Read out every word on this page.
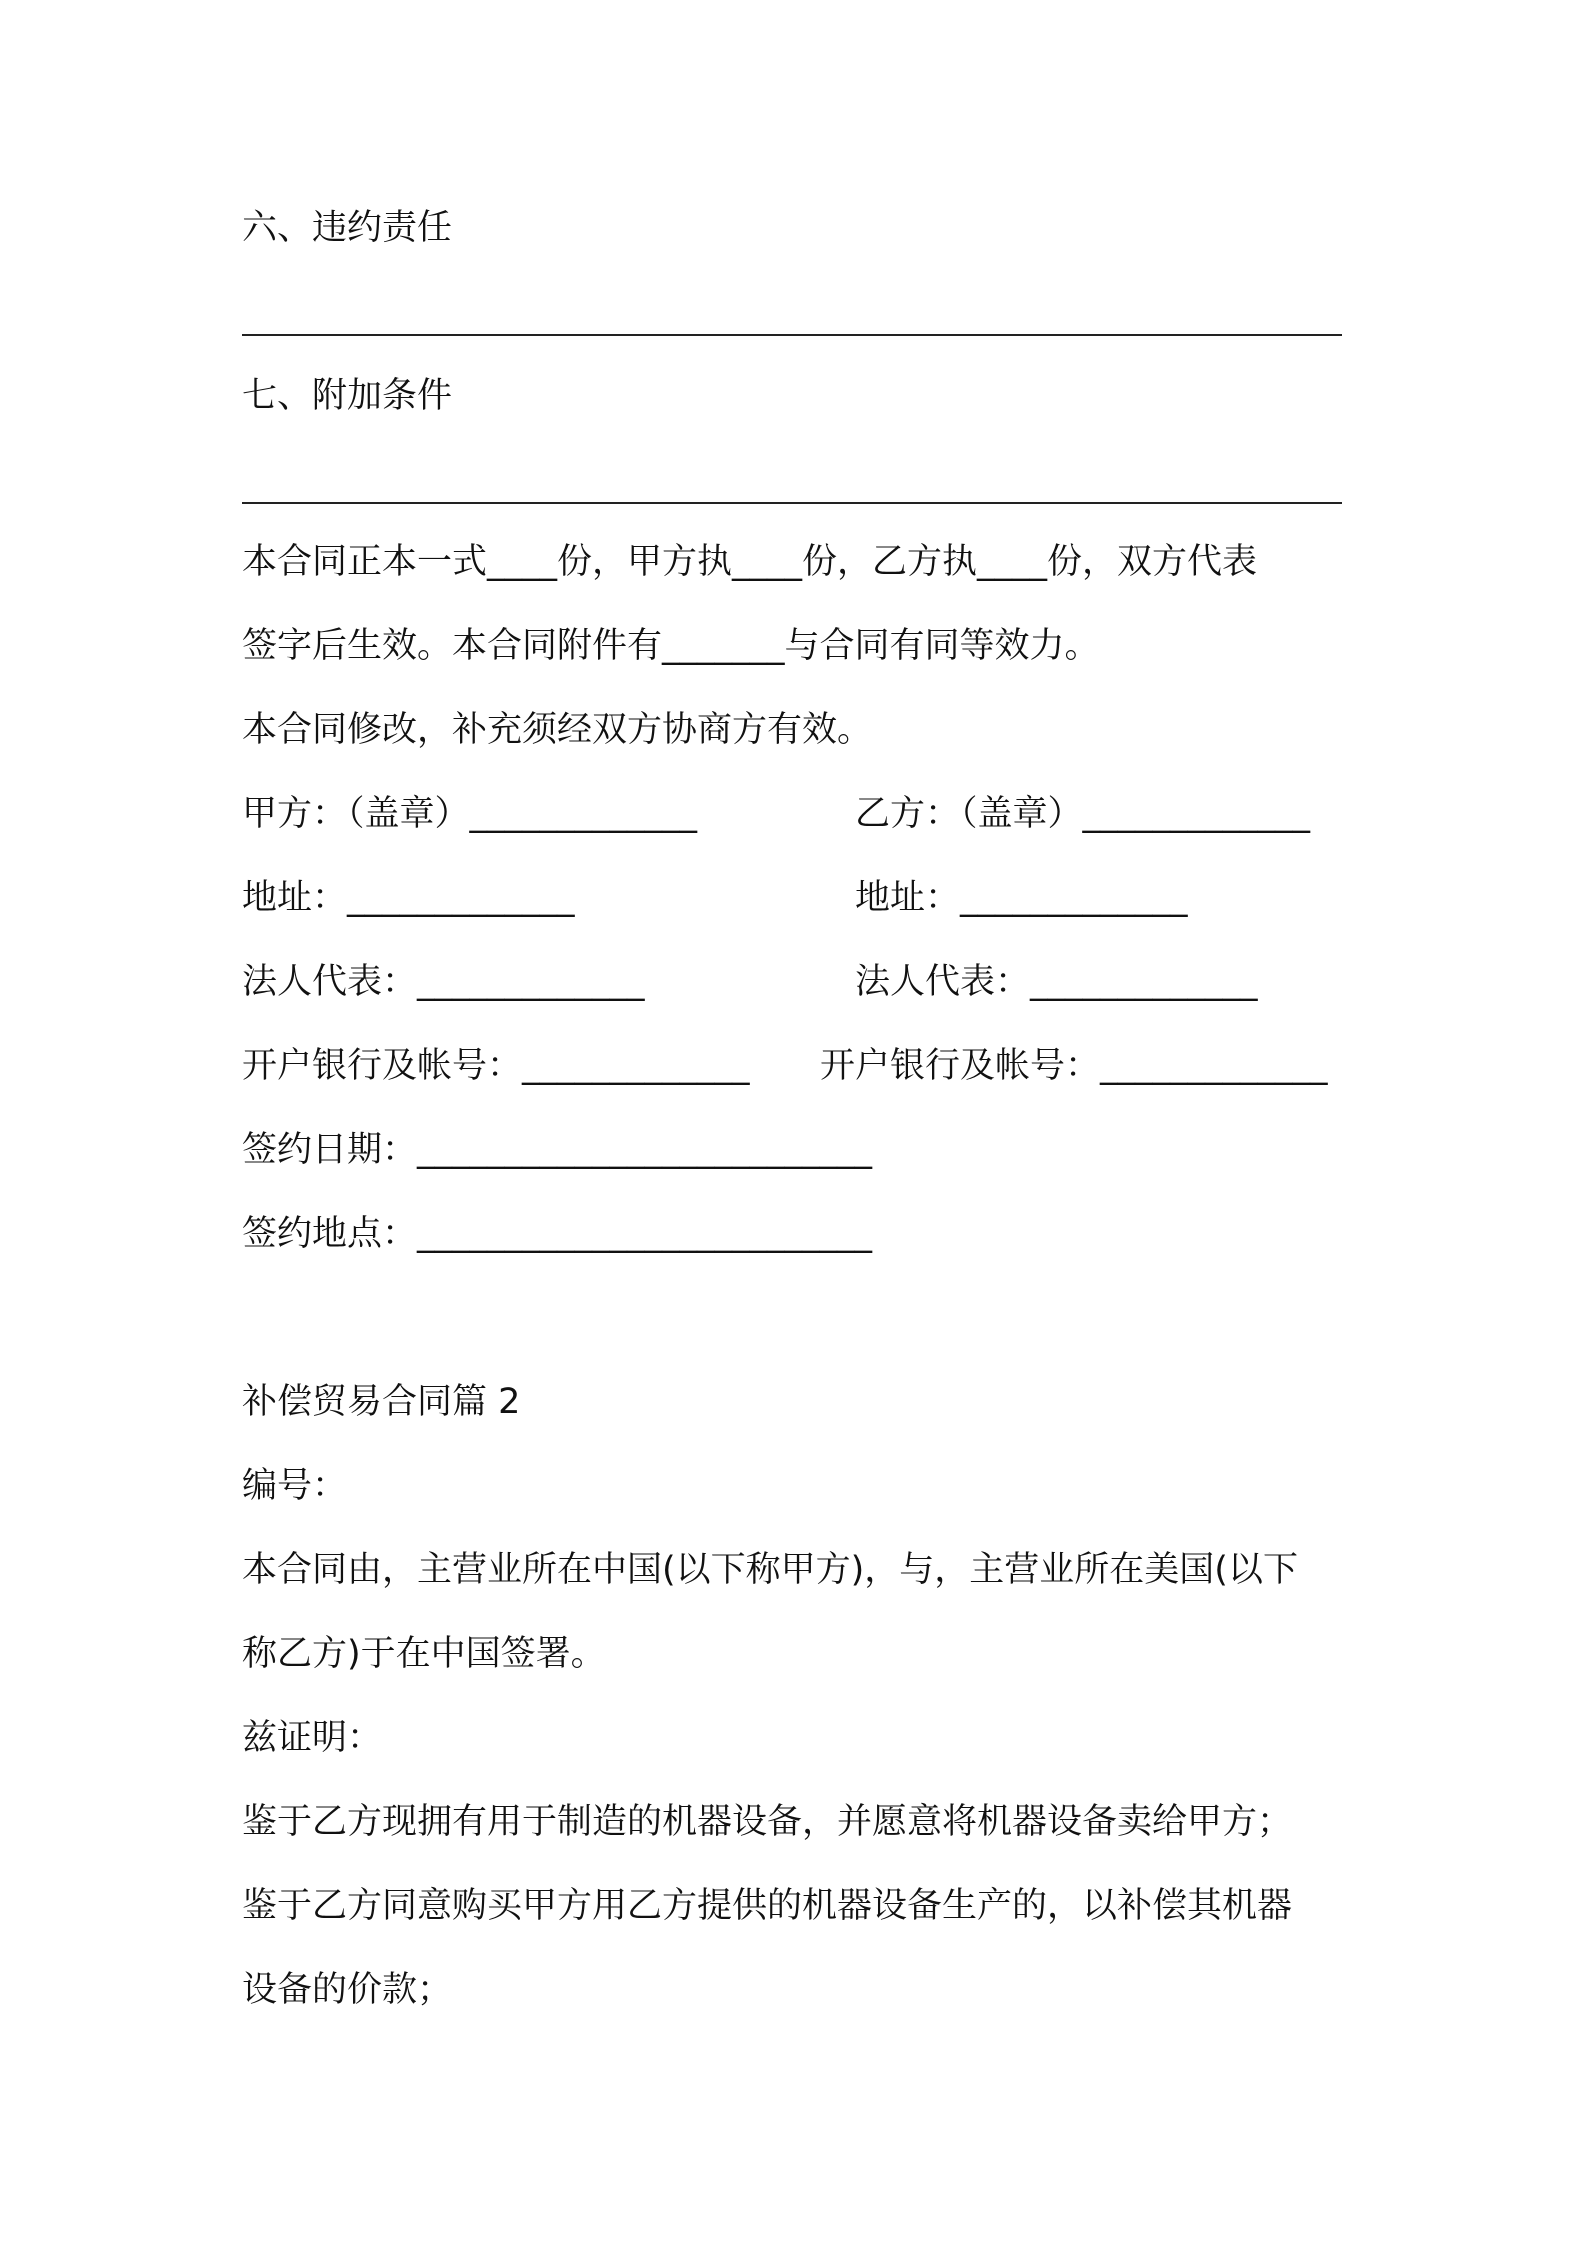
六、违约责任
七、附加条件
本合同正本一式____份，甲方执____份，乙方执____份，双方代表
签字后生效。本合同附件有_______与合同有同等效力。
本合同修改，补充须经双方协商方有效。
甲方：（盖章）_____________	乙方：（盖章）_____________
地址：_____________	地址：_____________
法人代表：_____________	法人代表：_____________
开户银行及帐号：_____________ 开户银行及帐号：_____________
签约日期：__________________________
签约地点：__________________________
补偿贸易合同篇 2
编号：
本合同由，主营业所在中国(以下称甲方)，与，主营业所在美国(以下
称乙方)于在中国签署。
兹证明：
鉴于乙方现拥有用于制造的机器设备，并愿意将机器设备卖给甲方；
鉴于乙方同意购买甲方用乙方提供的机器设备生产的，以补偿其机器
设备的价款；
